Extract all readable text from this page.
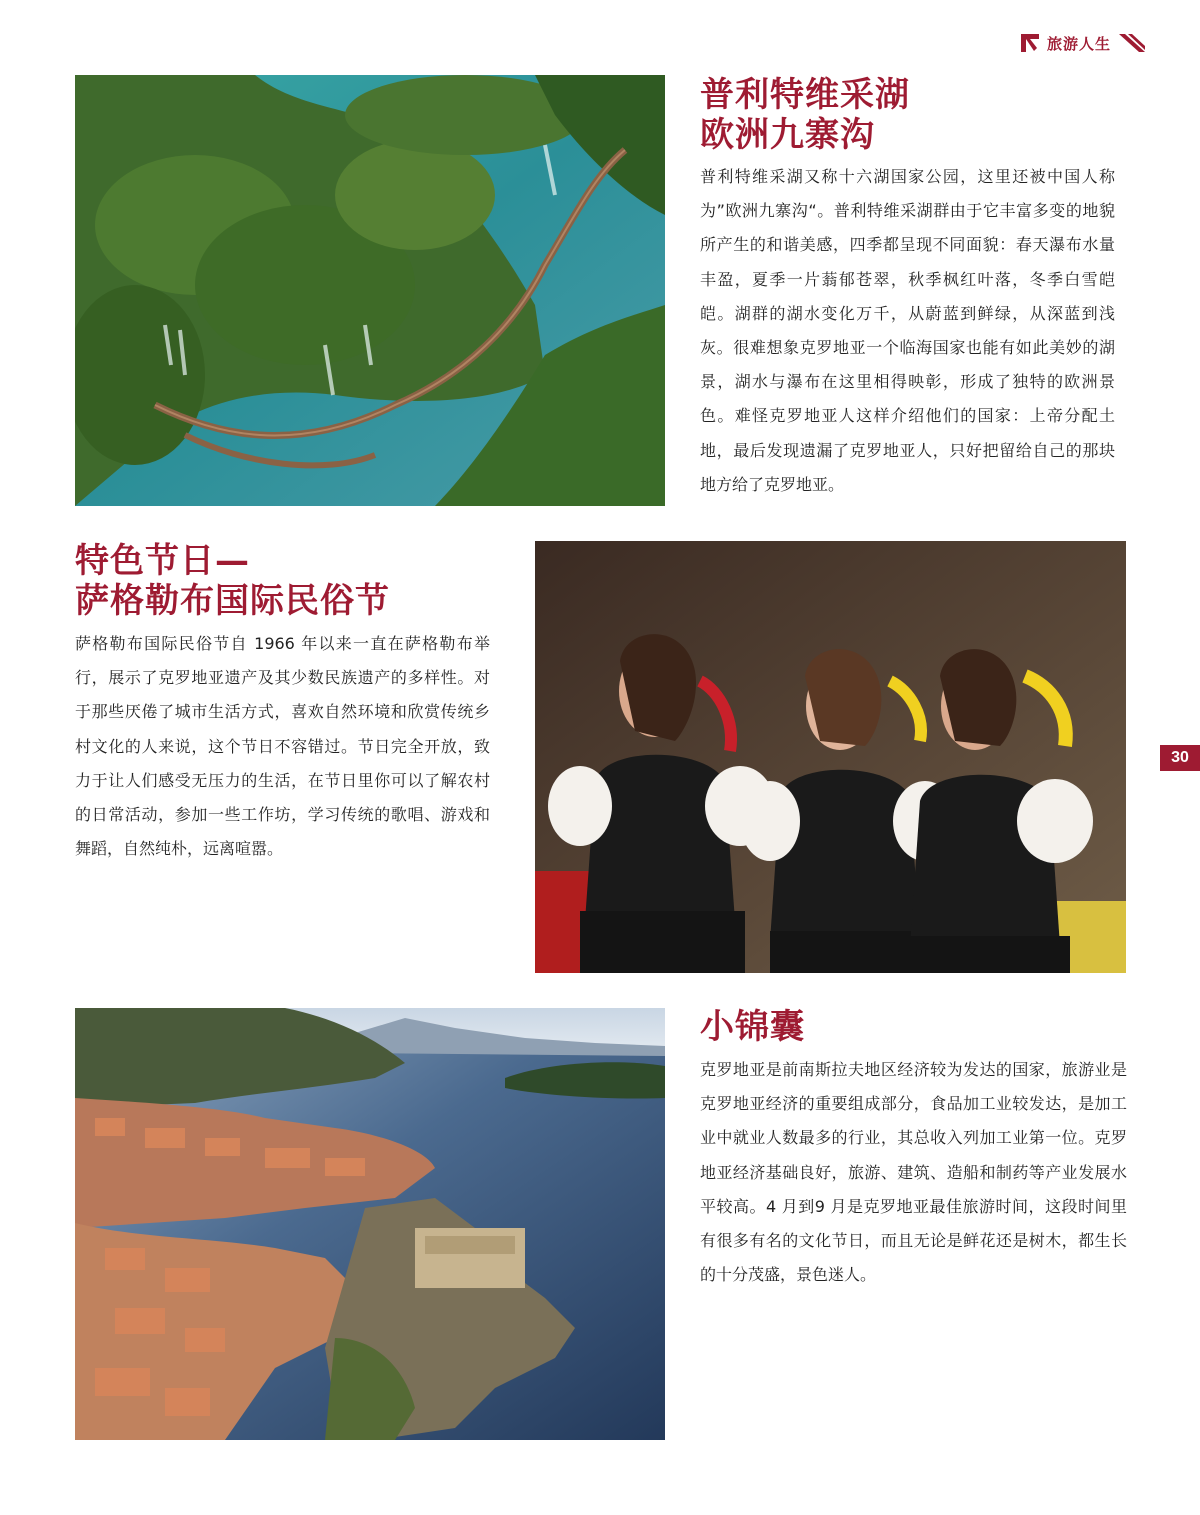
旅游人生
30
普利特维采湖
欧洲九寨沟

普利特维采湖又称十六湖国家公园，这里还被中国人称为”欧洲九寨沟“。普利特维采湖群由于它丰富多变的地貌所产生的和谐美感，四季都呈现不同面貌：春天瀑布水量丰盈，夏季一片蓊郁苍翠，秋季枫红叶落，冬季白雪皑皑。湖群的湖水变化万千，从蔚蓝到鲜绿，从深蓝到浅灰。很难想象克罗地亚一个临海国家也能有如此美妙的湖景，湖水与瀑布在这里相得映彰，形成了独特的欧洲景色。难怪克罗地亚人这样介绍他们的国家：上帝分配土地，最后发现遗漏了克罗地亚人，只好把留给自己的那块地方给了克罗地亚。

特色节日—
萨格勒布国际民俗节

萨格勒布国际民俗节自 1966 年以来一直在萨格勒布举行，展示了克罗地亚遗产及其少数民族遗产的多样性。对于那些厌倦了城市生活方式，喜欢自然环境和欣赏传统乡村文化的人来说，这个节日不容错过。节日完全开放，致力于让人们感受无压力的生活，在节日里你可以了解农村的日常活动，参加一些工作坊，学习传统的歌唱、游戏和舞蹈，自然纯朴，远离喧嚣。

小锦囊

克罗地亚是前南斯拉夫地区经济较为发达的国家，旅游业是克罗地亚经济的重要组成部分，食品加工业较发达，是加工业中就业人数最多的行业，其总收入列加工业第一位。克罗地亚经济基础良好，旅游、建筑、造船和制药等产业发展水平较高。4 月到9 月是克罗地亚最佳旅游时间，这段时间里有很多有名的文化节日，而且无论是鲜花还是树木，都生长的十分茂盛，景色迷人。
